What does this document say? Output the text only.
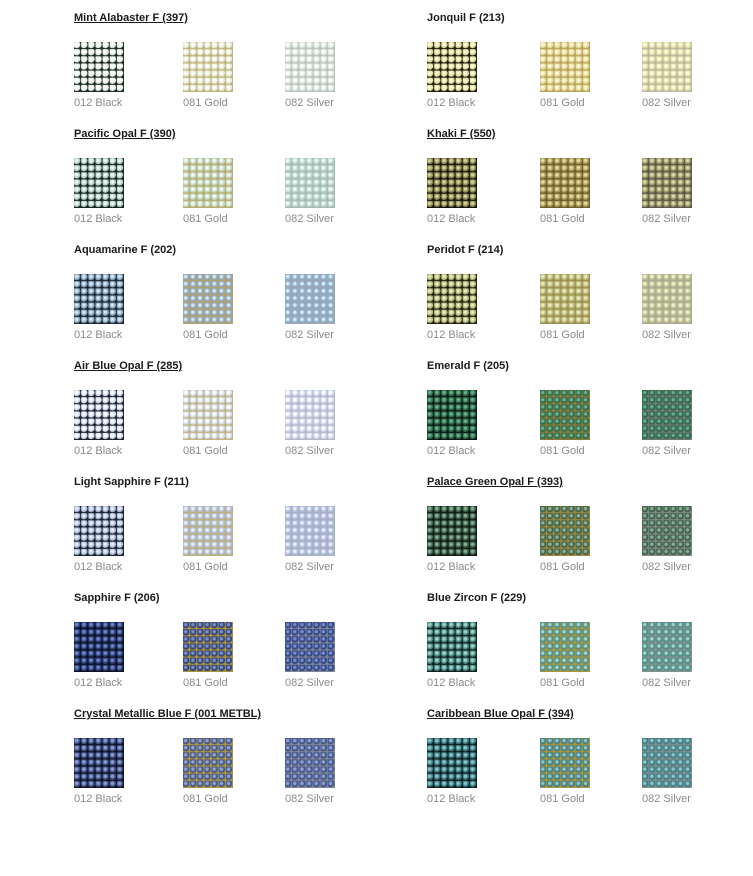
Mint Alabaster F (397)
012 Black	081 Gold	082 Silver
Pacific Opal F (390)
012 Black	081 Gold	082 Silver
Aquamarine F (202)
012 Black	081 Gold	082 Silver
Air Blue Opal F (285)
012 Black	081 Gold	082 Silver
Light Sapphire F (211)
012 Black	081 Gold	082 Silver
Sapphire F (206)
012 Black	081 Gold	082 Silver
Crystal Metallic Blue F (001 METBL)
012 Black	081 Gold	082 Silver
Jonquil F (213)
012 Black	081 Gold	082 Silver
Khaki F (550)
012 Black	081 Gold	082 Silver
Peridot F (214)
012 Black	081 Gold	082 Silver
Emerald F (205)
012 Black	081 Gold	082 Silver
Palace Green Opal F (393)
012 Black	081 Gold	082 Silver
Blue Zircon F (229)
012 Black	081 Gold	082 Silver
Caribbean Blue Opal F (394)
012 Black	081 Gold	082 Silver
